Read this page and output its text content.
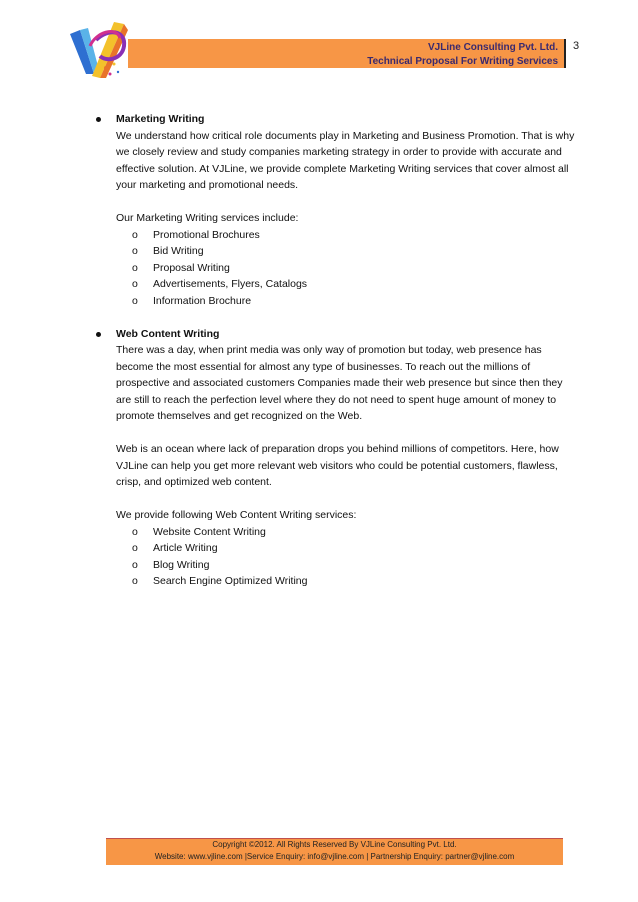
VJLine Consulting Pvt. Ltd.
Technical Proposal For Writing Services
3
Marketing Writing

We understand how critical role documents play in Marketing and Business Promotion. That is why we closely review and study companies marketing strategy in order to provide with accurate and effective solution. At VJLine, we provide complete Marketing Writing services that cover almost all your marketing and promotional needs.

Our Marketing Writing services include:
o Promotional Brochures
o Bid Writing
o Proposal Writing
o Advertisements, Flyers, Catalogs
o Information Brochure
Web Content Writing

There was a day, when print media was only way of promotion but today, web presence has become the most essential for almost any type of businesses. To reach out the millions of prospective and associated customers Companies made their web presence but since then they are still to reach the perfection level where they do not need to spent huge amount of money to promote themselves and get recognized on the Web.

Web is an ocean where lack of preparation drops you behind millions of competitors. Here, how VJLine can help you get more relevant web visitors who could be potential customers, flawless, crisp, and optimized web content.

We provide following Web Content Writing services:
o Website Content Writing
o Article Writing
o Blog Writing
o Search Engine Optimized Writing
Copyright ©2012. All Rights Reserved By VJLine Consulting Pvt. Ltd.
Website: www.vjline.com |Service Enquiry: info@vjline.com | Partnership Enquiry: partner@vjline.com
